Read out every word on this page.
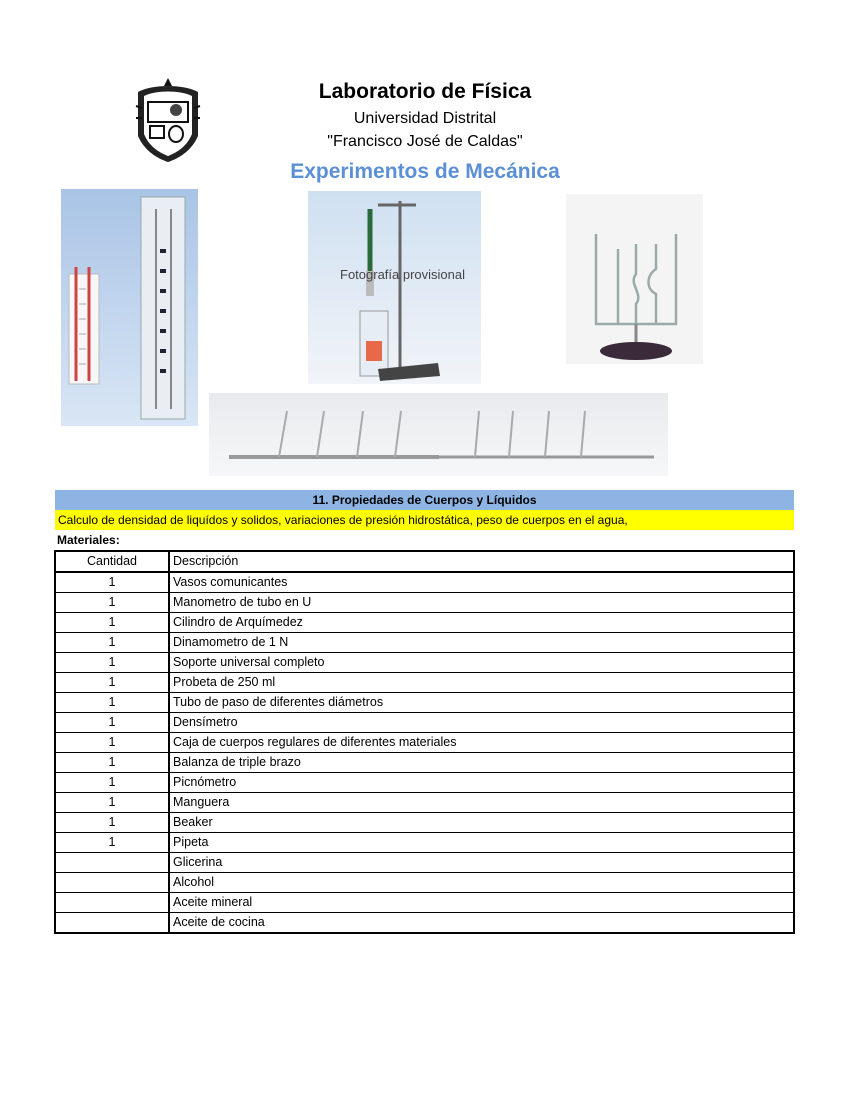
Laboratorio de Física
Universidad Distrital
"Francisco José de Caldas"
Experimentos de Mecánica
Fotografía provisional
11. Propiedades de Cuerpos y Líquidos
Calculo de densidad de liquídos y solidos, variaciones de presión hidrostática, peso de cuerpos en el agua,
Materiales:
Cantidad	Descripción
1	Vasos comunicantes
1	Manometro de tubo en U
1	Cilindro de Arquímedez
1	Dinamometro de 1 N
1	Soporte universal completo
1	Probeta de 250 ml
1	Tubo de paso de diferentes diámetros
1	Densímetro
1	Caja de cuerpos regulares de diferentes materiales
1	Balanza de triple brazo
1	Picnómetro
1	Manguera
1	Beaker
1	Pipeta
	Glicerina
	Alcohol
	Aceite mineral
	Aceite de cocina
